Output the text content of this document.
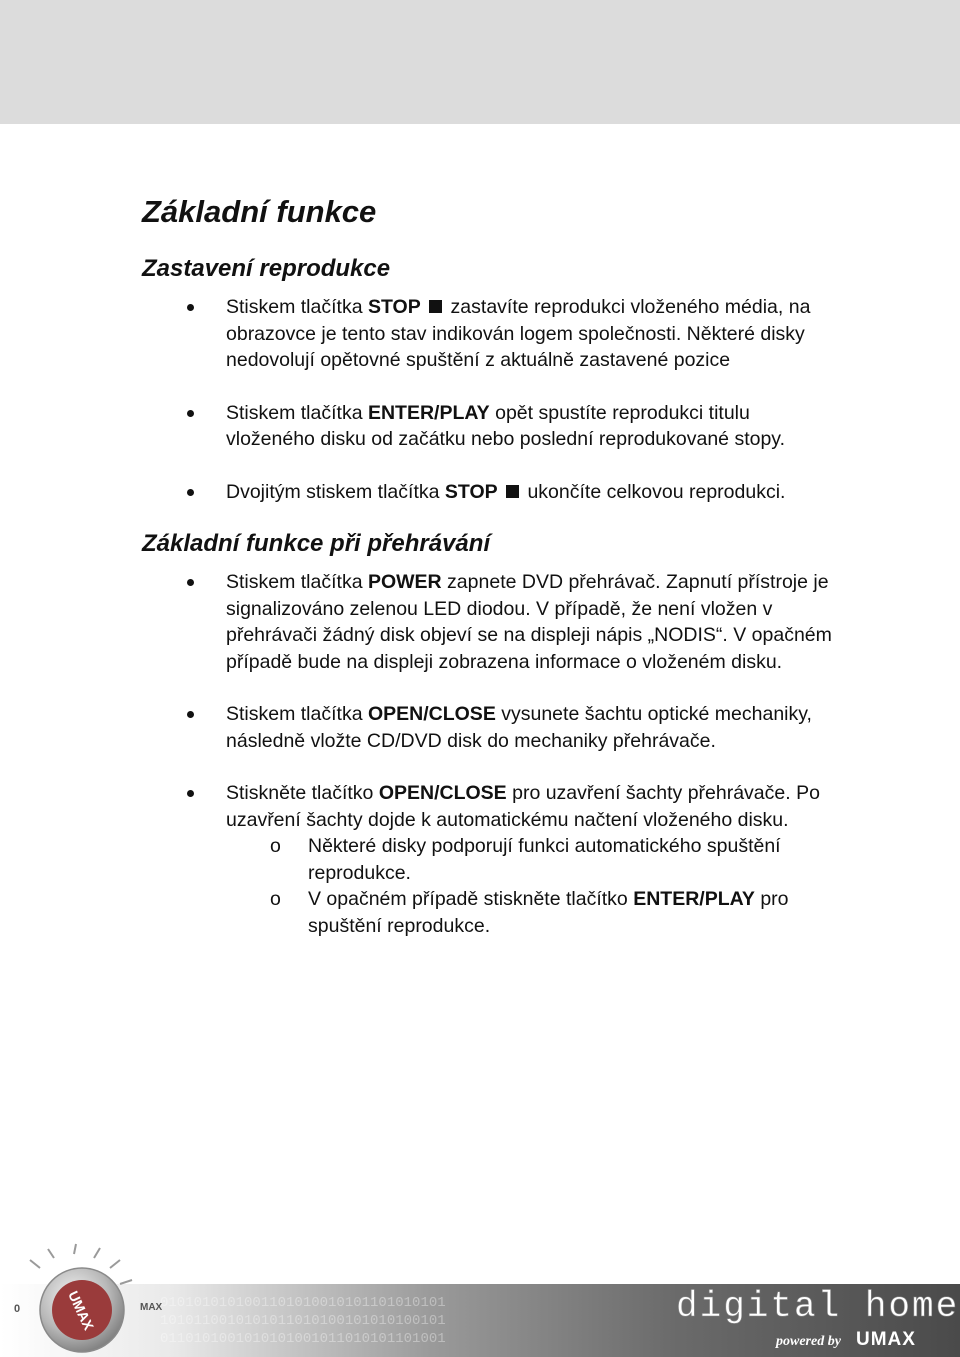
Základní funkce
Zastavení reprodukce
Stiskem tlačítka STOP  zastavíte reprodukci vloženého média, na obrazovce je tento stav indikován logem společnosti. Některé disky nedovolují opětovné spuštění z aktuálně zastavené pozice
Stiskem tlačítka ENTER/PLAY opět spustíte reprodukci titulu vloženého disku od začátku nebo poslední reprodukované stopy.
Dvojitým stiskem tlačítka STOP  ukončíte celkovou reprodukci.
Základní funkce při přehrávání
Stiskem tlačítka POWER zapnete DVD přehrávač. Zapnutí přístroje je signalizováno zelenou LED diodou. V případě, že není vložen v přehrávači žádný disk objeví se na displeji nápis „NODIS“. V opačném případě bude na displeji zobrazena informace o vloženém disku.
Stiskem tlačítka OPEN/CLOSE vysunete šachtu optické mechaniky, následně vložte CD/DVD disk do mechaniky přehrávače.
Stiskněte tlačítko OPEN/CLOSE pro uzavření šachty přehrávače. Po uzavření šachty dojde k automatickému načtení vloženého disku.
o Některé disky podporují funkci automatického spuštění reprodukce.
o V opačném případě stiskněte tlačítko ENTER/PLAY pro spuštění reprodukce.
0101010101001101010010101101010101
1010110010101011010100101010100101
0110101001010101001011010101101001
UMAX	MAX
0	digital home
powered by UMAX
